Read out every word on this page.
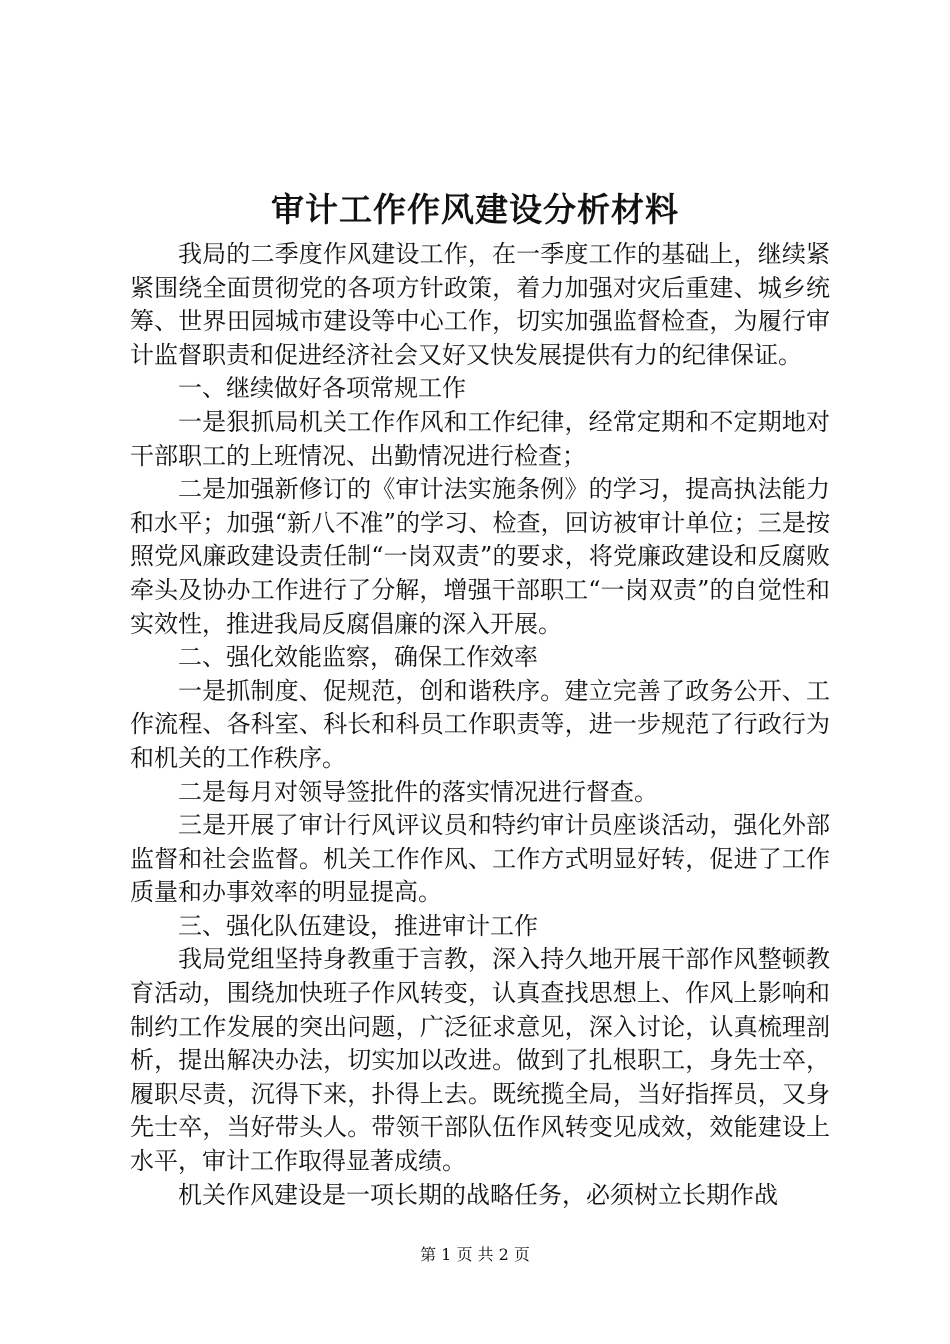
审计工作作风建设分析材料

我局的二季度作风建设工作，在一季度工作的基础上，继续紧紧围绕全面贯彻党的各项方针政策，着力加强对灾后重建、城乡统筹、世界田园城市建设等中心工作，切实加强监督检查，为履行审计监督职责和促进经济社会又好又快发展提供有力的纪律保证。

一、继续做好各项常规工作

一是狠抓局机关工作作风和工作纪律，经常定期和不定期地对干部职工的上班情况、出勤情况进行检查；

二是加强新修订的《审计法实施条例》的学习，提高执法能力和水平；加强“新八不准”的学习、检查，回访被审计单位；三是按照党风廉政建设责任制“一岗双责”的要求，将党廉政建设和反腐败牵头及协办工作进行了分解，增强干部职工“一岗双责”的自觉性和实效性，推进我局反腐倡廉的深入开展。

二、强化效能监察，确保工作效率

一是抓制度、促规范，创和谐秩序。建立完善了政务公开、工作流程、各科室、科长和科员工作职责等，进一步规范了行政行为和机关的工作秩序。

二是每月对领导签批件的落实情况进行督查。

三是开展了审计行风评议员和特约审计员座谈活动，强化外部监督和社会监督。机关工作作风、工作方式明显好转，促进了工作质量和办事效率的明显提高。

三、强化队伍建设，推进审计工作

我局党组坚持身教重于言教，深入持久地开展干部作风整顿教育活动，围绕加快班子作风转变，认真查找思想上、作风上影响和制约工作发展的突出问题，广泛征求意见，深入讨论，认真梳理剖析，提出解决办法，切实加以改进。做到了扎根职工，身先士卒，履职尽责，沉得下来，扑得上去。既统揽全局，当好指挥员，又身先士卒，当好带头人。带领干部队伍作风转变见成效，效能建设上水平，审计工作取得显著成绩。

机关作风建设是一项长期的战略任务，必须树立长期作战

第 1 页 共 2 页
